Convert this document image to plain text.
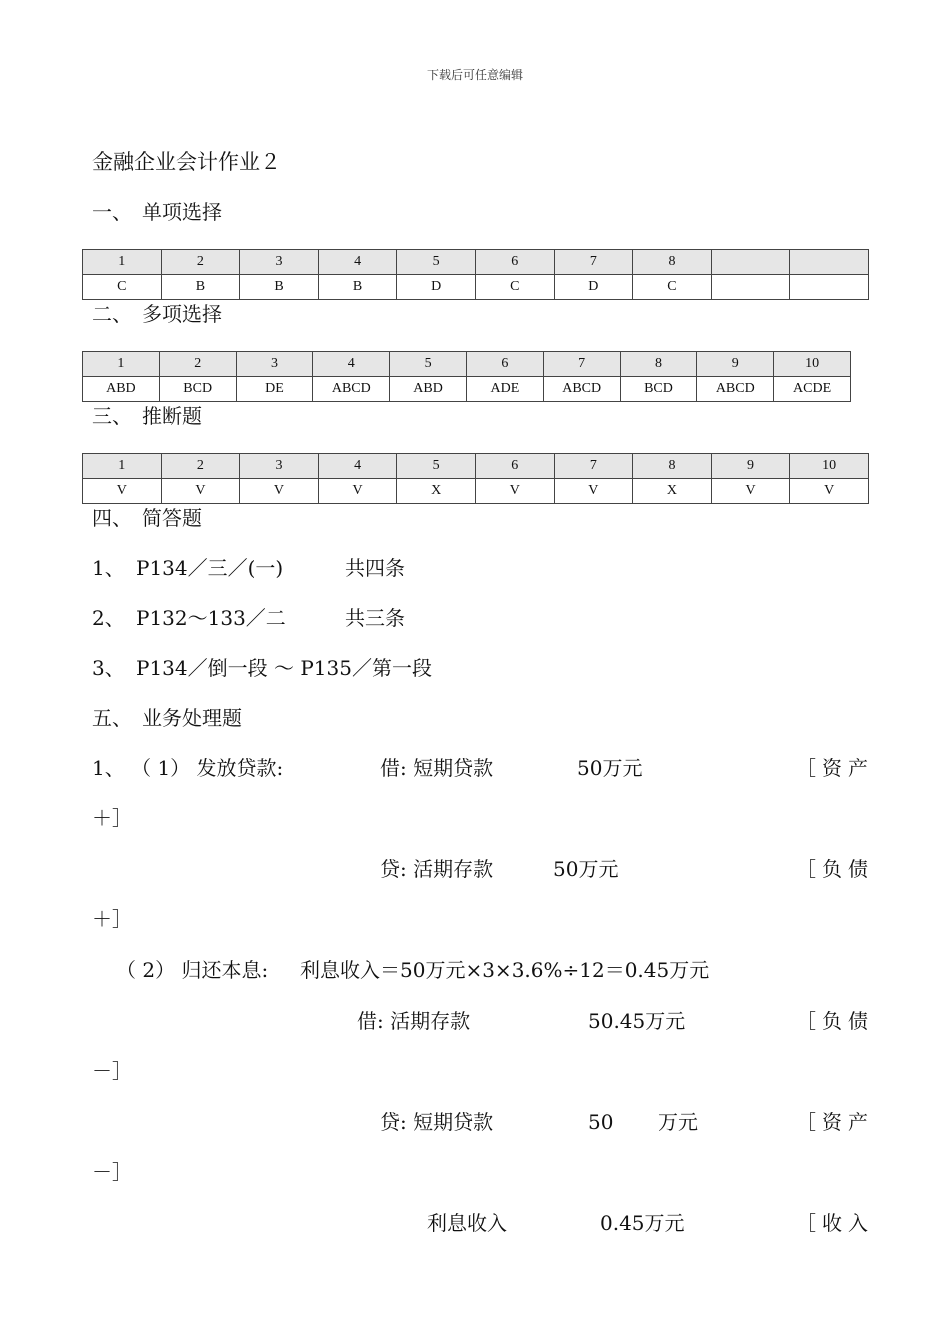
下载后可任意编辑
金融企业会计作业２
一、　单项选择
1	2	3	4	5	6	7	8		
C	B	B	B	D	C	D	C		
二、　多项选择
1	2	3	4	5	6	7	8	9	10
ABD	BCD	DE	ABCD	ABD	ADE	ABCD	BCD	ABCD	ACDE
三、　推断题
1	2	3	4	5	6	7	8	9	10
V	V	V	V	X	V	V	X	V	V
四、　简答题
1、 P134／三／(一)	共四条
2、 P132～133／二	共三条
3、 P134／倒一段 ～ P135／第一段
五、　业务处理题
1、 （ 1） 发放贷款:	借: 短期贷款	50万元	［资产
＋］
贷: 活期存款	50万元	［负债
＋］
（ 2） 归还本息: 利息收入＝50万元×3×3.6%÷12＝0.45万元
借: 活期存款	50.45万元	［负债
－］
贷: 短期贷款	50 万元	［资产
－］
利息收入	0.45万元	［收入
